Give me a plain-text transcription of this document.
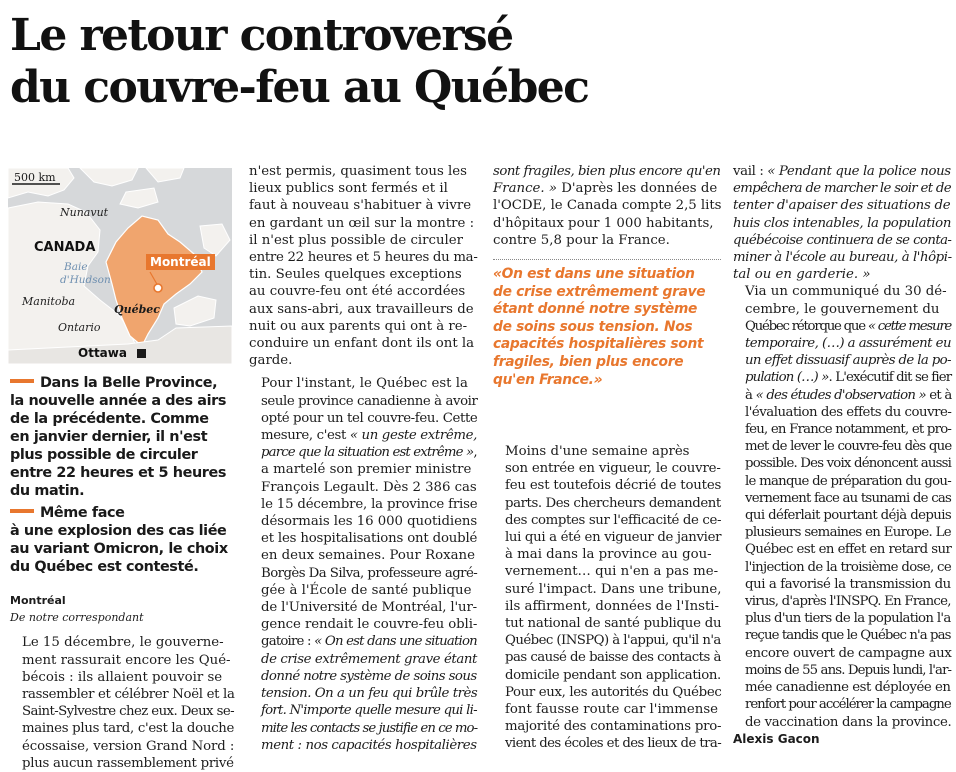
Le retour controversé
du couvre-feu au Québec
500 km
Nunavut
CANADA
Baie
d'Hudson
Manitoba
Ontario
Québec
Montréal
Ottawa
Dans la Belle Province,
la nouvelle année a des airs
de la précédente. Comme
en janvier dernier, il n'est
plus possible de circuler
entre 22 heures et 5 heures
du matin.
Même face
à une explosion des cas liée
au variant Omicron, le choix
du Québec est contesté.
Montréal
De notre correspondant

Le 15 décembre, le gouverne-
ment rassurait encore les Qué-
bécois : ils allaient pouvoir se
rassembler et célébrer Noël et la
Saint-Sylvestre chez eux. Deux se-
maines plus tard, c'est la douche
écossaise, version Grand Nord :
plus aucun rassemblement privé

n'est permis, quasiment tous les
lieux publics sont fermés et il
faut à nouveau s'habituer à vivre
en gardant un œil sur la montre :
il n'est plus possible de circuler
entre 22 heures et 5 heures du ma-
tin. Seules quelques exceptions
au couvre-feu ont été accordées
aux sans-abri, aux travailleurs de
nuit ou aux parents qui ont à re-
conduire un enfant dont ils ont la
garde.

Pour l'instant, le Québec est la
seule province canadienne à avoir
opté pour un tel couvre-feu. Cette
mesure, c'est « un geste extrême,
parce que la situation est extrême »,
a martelé son premier ministre
François Legault. Dès 2 386 cas
le 15 décembre, la province frise
désormais les 16 000 quotidiens
et les hospitalisations ont doublé
en deux semaines. Pour Roxane
Borgès Da Silva, professeure agré-
gée à l'École de santé publique
de l'Université de Montréal, l'ur-
gence rendait le couvre-feu obli-
gatoire : « On est dans une situation
de crise extrêmement grave étant
donné notre système de soins sous
tension. On a un feu qui brûle très
fort. N'importe quelle mesure qui li-
mite les contacts se justifie en ce mo-
ment : nos capacités hospitalières

sont fragiles, bien plus encore qu'en
France. » D'après les données de
l'OCDE, le Canada compte 2,5 lits
d'hôpitaux pour 1 000 habitants,
contre 5,8 pour la France.

«On est dans une situation
de crise extrêmement grave
étant donné notre système
de soins sous tension. Nos
capacités hospitalières sont
fragiles, bien plus encore
qu'en France.»

Moins d'une semaine après
son entrée en vigueur, le couvre-
feu est toutefois décrié de toutes
parts. Des chercheurs demandent
des comptes sur l'efficacité de ce-
lui qui a été en vigueur de janvier
à mai dans la province au gou-
vernement… qui n'en a pas me-
suré l'impact. Dans une tribune,
ils affirment, données de l'Insti-
tut national de santé publique du
Québec (INSPQ) à l'appui, qu'il n'a
pas causé de baisse des contacts à
domicile pendant son application.
Pour eux, les autorités du Québec
font fausse route car l'immense
majorité des contaminations pro-
vient des écoles et des lieux de tra-

vail : « Pendant que la police nous
empêchera de marcher le soir et de
tenter d'apaiser des situations de
huis clos intenables, la population
québécoise continuera de se conta-
miner à l'école au bureau, à l'hôpi-
tal ou en garderie. »

Via un communiqué du 30 dé-
cembre, le gouvernement du
Québec rétorque que « cette mesure
temporaire, (…) a assurément eu
un effet dissuasif auprès de la po-
pulation (…) ». L'exécutif dit se fier
à « des études d'observation » et à
l'évaluation des effets du couvre-
feu, en France notamment, et pro-
met de lever le couvre-feu dès que
possible. Des voix dénoncent aussi
le manque de préparation du gou-
vernement face au tsunami de cas
qui déferlait pourtant déjà depuis
plusieurs semaines en Europe. Le
Québec est en effet en retard sur
l'injection de la troisième dose, ce
qui a favorisé la transmission du
virus, d'après l'INSPQ. En France,
plus d'un tiers de la population l'a
reçue tandis que le Québec n'a pas
encore ouvert de campagne aux
moins de 55 ans. Depuis lundi, l'ar-
mée canadienne est déployée en
renfort pour accélérer la campagne
de vaccination dans la province.

Alexis Gacon
